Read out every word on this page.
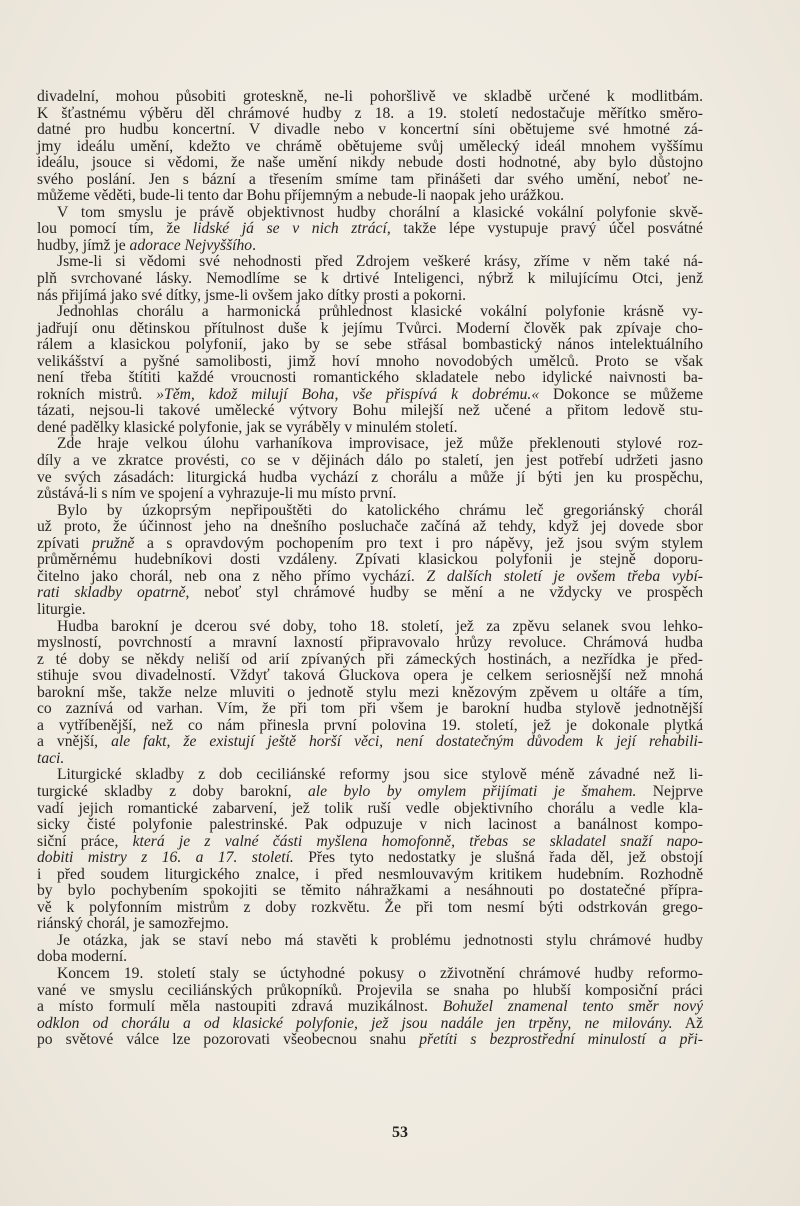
divadelní, mohou působiti groteskně, ne-li pohoršlivě ve skladbě určené k modlitbám.
K šťastnému výběru děl chrámové hudby z 18. a 19. století nedostačuje měřítko směro-
datné pro hudbu koncertní. V divadle nebo v koncertní síni obětujeme své hmotné zá-
jmy ideálu umění, kdežto ve chrámě obětujeme svůj umělecký ideál mnohem vyššímu
ideálu, jsouce si vědomi, že naše umění nikdy nebude dosti hodnotné, aby bylo důstojno
svého poslání. Jen s bázní a třesením smíme tam přinášeti dar svého umění, neboť ne-
můžeme věděti, bude-li tento dar Bohu příjemným a nebude-li naopak jeho urážkou.
V tom smyslu je právě objektivnost hudby chorální a klasické vokální polyfonie skvě-
lou pomocí tím, že lidské já se v nich ztrácí, takže lépe vystupuje pravý účel posvátné
hudby, jímž je adorace Nejvyššího.
Jsme-li si vědomi své nehodnosti před Zdrojem veškeré krásy, zříme v něm také ná-
plň svrchované lásky. Nemodlíme se k drtivé Inteligenci, nýbrž k milujícímu Otci, jenž
nás přijímá jako své dítky, jsme-li ovšem jako dítky prosti a pokorni.
Jednohlas chorálu a harmonická průhlednost klasické vokální polyfonie krásně vy-
jadřují onu dětinskou přítulnost duše k jejímu Tvůrci. Moderní člověk pak zpívaje cho-
rálem a klasickou polyfonií, jako by se sebe střásal bombastický nános intelektuálního
velikášství a pyšné samolibosti, jimž hoví mnoho novodobých umělců. Proto se však
není třeba štítiti každé vroucnosti romantického skladatele nebo idylické naivnosti ba-
rokních mistrů. »Těm, kdož milují Boha, vše přispívá k dobrému.« Dokonce se můžeme
tázati, nejsou-li takové umělecké výtvory Bohu milejší než učené a přitom ledově stu-
dené padělky klasické polyfonie, jak se vyráběly v minulém století.
Zde hraje velkou úlohu varhaníkova improvisace, jež může překlenouti stylové roz-
díly a ve zkratce provésti, co se v dějinách dálo po staletí, jen jest potřebí udržeti jasno
ve svých zásadách: liturgická hudba vychází z chorálu a může jí býti jen ku prospěchu,
zůstává-li s ním ve spojení a vyhrazuje-li mu místo první.
Bylo by úzkoprsým nepřipouštěti do katolického chrámu leč gregoriánský chorál
už proto, že účinnost jeho na dnešního posluchače začíná až tehdy, když jej dovede sbor
zpívati pružně a s opravdovým pochopením pro text i pro nápěvy, jež jsou svým stylem
průměrnému hudebníkovi dosti vzdáleny. Zpívati klasickou polyfonii je stejně doporu-
čitelno jako chorál, neb ona z něho přímo vychází. Z dalších století je ovšem třeba vybí-
rati skladby opatrně, neboť styl chrámové hudby se mění a ne vždycky ve prospěch
liturgie.
Hudba barokní je dcerou své doby, toho 18. století, jež za zpěvu selanek svou lehko-
myslností, povrchností a mravní laxností připravovalo hrůzy revoluce. Chrámová hudba
z té doby se někdy neliší od arií zpívaných při zámeckých hostinách, a nezřídka je před-
stihuje svou divadelností. Vždyť taková Gluckova opera je celkem seriosnější než mnohá
barokní mše, takže nelze mluviti o jednotě stylu mezi knězovým zpěvem u oltáře a tím,
co zaznívá od varhan. Vím, že při tom při všem je barokní hudba stylově jednotnější
a vytříbenější, než co nám přinesla první polovina 19. století, jež je dokonale plytká
a vnější, ale fakt, že existují ještě horší věci, není dostatečným důvodem k její rehabili-
taci.
Liturgické skladby z dob ceciliánské reformy jsou sice stylově méně závadné než li-
turgické skladby z doby barokní, ale bylo by omylem přijímati je šmahem. Nejprve
vadí jejich romantické zabarvení, jež tolik ruší vedle objektivního chorálu a vedle kla-
sicky čisté polyfonie palestrinské. Pak odpuzuje v nich lacinost a banálnost kompo-
siční práce, která je z valné části myšlena homofonně, třebas se skladatel snaží napo-
dobiti mistry z 16. a 17. století. Přes tyto nedostatky je slušná řada děl, jež obstojí
i před soudem liturgického znalce, i před nesmlouvavým kritikem hudebním. Rozhodně
by bylo pochybením spokojiti se těmito náhražkami a nesáhnouti po dostatečné přípra-
vě k polyfonním mistrům z doby rozkvětu. Že při tom nesmí býti odstrkován grego-
riánský chorál, je samozřejmo.
Je otázka, jak se staví nebo má stavěti k problému jednotnosti stylu chrámové hudby
doba moderní.
Koncem 19. století staly se úctyhodné pokusy o zživotnění chrámové hudby reformo-
vané ve smyslu ceciliánských průkopníků. Projevila se snaha po hlubší komposiční práci
a místo formulí měla nastoupiti zdravá muzikálnost. Bohužel znamenal tento směr nový
odklon od chorálu a od klasické polyfonie, jež jsou nadále jen trpěny, ne milovány. Až
po světové válce lze pozorovati všeobecnou snahu přetíti s bezprostřední minulostí a při-
53
